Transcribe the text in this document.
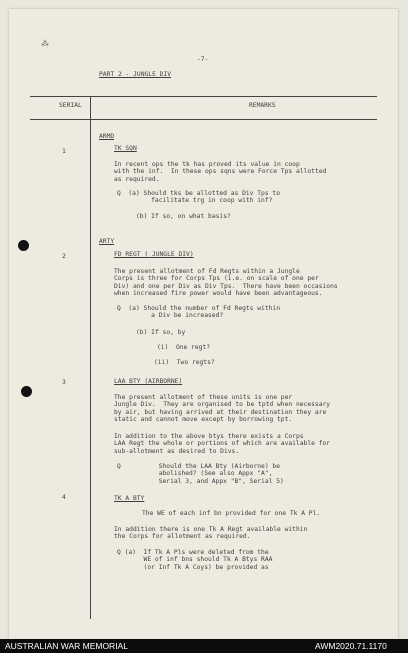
⁂
-7-
PART 2 - JUNGLE DIV
SERIAL	REMARKS
1
ARMD
TK SQN
In recent ops the tk has proved its value in coop
with the inf.  In these ops sqns were Force Tps allotted
as required.
Q  (a) Should tks be allotted as Div Tps to
facilitate trg in coop with inf?
(b) If so, on what basis?
2
ARTY
FD REGT ( JUNGLE DIV)
The present allotment of Fd Regts within a Jungle
Corps is three for Corps Tps (i.e. on scale of one per
Div) and one per Div as Div Tps.  There have been occasions
when increased fire power would have been advantageous.
Q  (a) Should the number of Fd Regts within
a Div be increased?
(b) If so, by
(i)  One regt?
(ii)  Two regts?
3	LAA BTY (AIRBORNE)
The present allotment of these units is one per
Jungle Div.  They are organised to be tptd when necessary
by air, but having arrived at their destination they are
static and cannot move except by borrowing tpt.
In addition to the above btys there exists a Corps
LAA Regt the whole or portions of which are available for
sub-allotment as desired to Divs.
Q          Should the LAA Bty (Airborne) be
abolished? (See also Appx "A",
Serial 3, and Appx "B", Serial 5)
4	TK A BTY
The WE of each inf bn provided for one Tk A Pl.
In addition there is one Tk A Regt available within
the Corps for allotment as required.
Q (a)  If Tk A Pls were deleted from the
WE of inf bns should Tk A Btys RAA
(or Inf Tk A Coys) be provided as
AUSTRALIAN WAR MEMORIAL	AWM2020.71.1170
